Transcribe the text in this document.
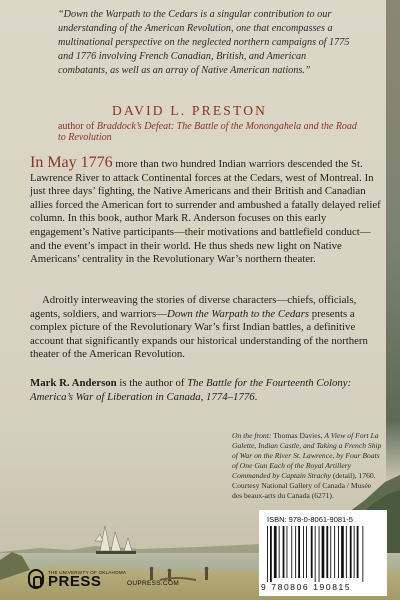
“Down the Warpath to the Cedars is a singular contribution to our understanding of the American Revolution, one that encompasses a multinational perspective on the neglected northern campaigns of 1775 and 1776 involving French Canadian, British, and American combatants, as well as an array of Native American nations.”
DAVID L. PRESTON
author of Braddock’s Defeat: The Battle of the Monongahela and the Road to Revolution
In May 1776 more than two hundred Indian warriors descended the St. Lawrence River to attack Continental forces at the Cedars, west of Montreal. In just three days’ fighting, the Native Americans and their British and Canadian allies forced the American fort to surrender and ambushed a fatally delayed relief column. In this book, author Mark R. Anderson focuses on this early engagement’s Native participants—their motivations and battlefield conduct—and the event’s impact in their world. He thus sheds new light on Native Americans’ centrality in the Revolutionary War’s northern theater.
Adroitly interweaving the stories of diverse characters—chiefs, officials, agents, soldiers, and warriors—Down the Warpath to the Cedars presents a complex picture of the Revolutionary War’s first Indian battles, a definitive account that significantly expands our historical understanding of the northern theater of the American Revolution.
Mark R. Anderson is the author of The Battle for the Fourteenth Colony: America’s War of Liberation in Canada, 1774–1776.
On the front: Thomas Davies, A View of Fort La Galette, Indian Castle, and Taking a French Ship of War on the River St. Lawrence, by Four Boats of One Gun Each of the Royal Artillery Commanded by Captain Strachy (detail), 1760. Courtesy National Gallery of Canada / Musée des beaux-arts du Canada (6271).
THE UNIVERSITY OF OKLAHOMA
PRESS	OUPRESS.COM
ISBN: 978-0-8061-9081-5
9 780806 190815
